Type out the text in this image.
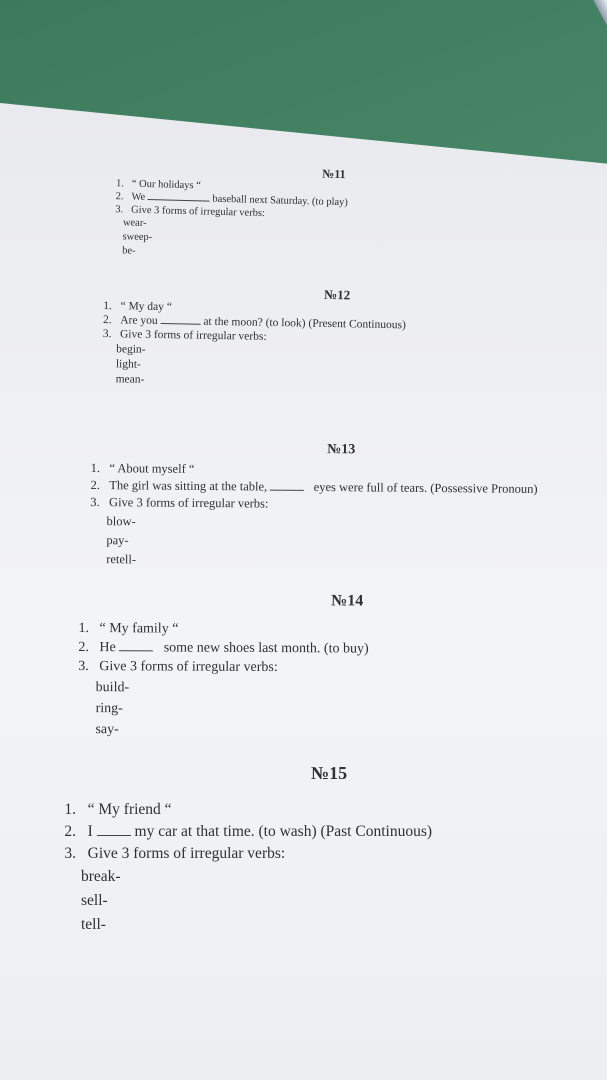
№11
1. “ Our holidays “
2. We	baseball next Saturday. (to play)
3. Give 3 forms of irregular verbs:
wear-
sweep-
be-
№12
1. “ My day “
2. Are you	at the moon? (to look) (Present Continuous)
3. Give 3 forms of irregular verbs:
begin-
light-
mean-
№13
1. “ About myself “
2. The girl was sitting at the table,	eyes were full of tears. (Possessive Pronoun)
3. Give 3 forms of irregular verbs:
blow-
pay-
retell-
№14
1. “ My family “
2. He	some new shoes last month. (to buy)
3. Give 3 forms of irregular verbs:
build-
ring-
say-
№15
1. “ My friend “
2. I	my car at that time. (to wash) (Past Continuous)
3. Give 3 forms of irregular verbs:
break-
sell-
tell-
